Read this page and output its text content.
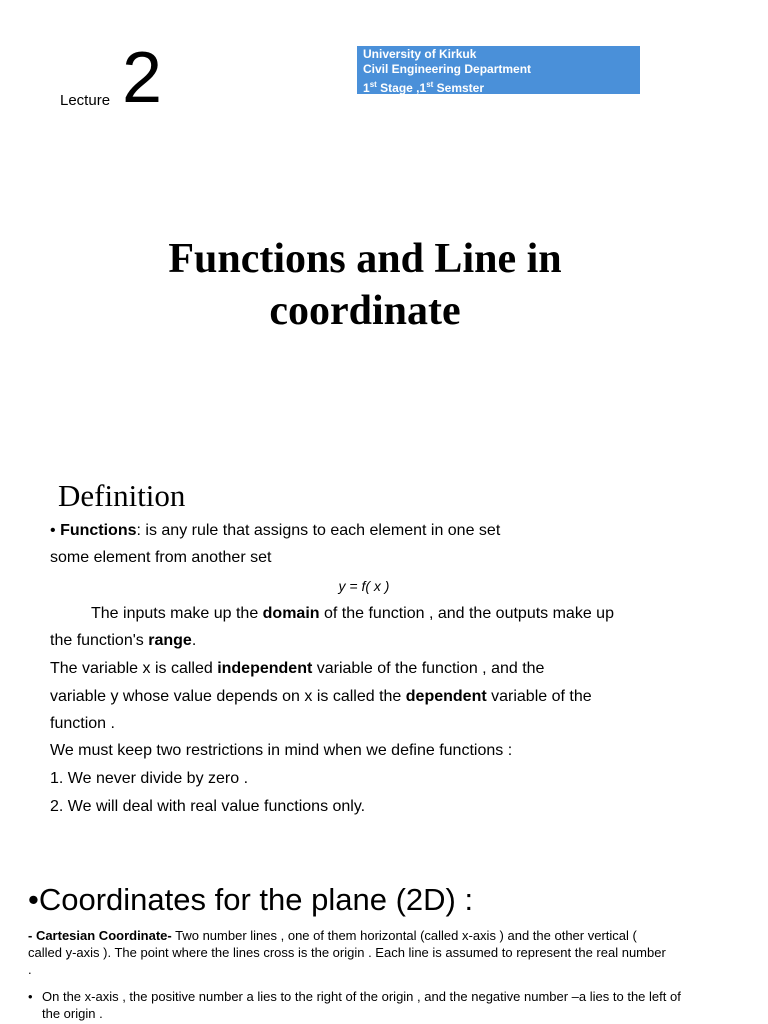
Lecture 2	University of Kirkuk
Civil Engineering Department
1st Stage ,1st Semster
Functions and Line in
coordinate
Definition
• Functions: is any rule that assigns to each element in one set
some element from another set
y = f( x )
The inputs make up the domain of the function , and the outputs make up
the function's range.
The variable x is called independent variable of the function , and the
variable y whose value depends on x is called the dependent variable of the
function .
We must keep two restrictions in mind when we define functions :
1. We never divide by zero .
2. We will deal with real value functions only.
•Coordinates for the plane (2D) :
- Cartesian Coordinate- Two number lines , one of them horizontal (called x-axis ) and the other vertical ( called y-axis ). The point where the lines cross is the origin . Each line is assumed to represent the real number .
• On the x-axis , the positive number a lies to the right of the origin , and the negative number –a lies to the left of the origin .
